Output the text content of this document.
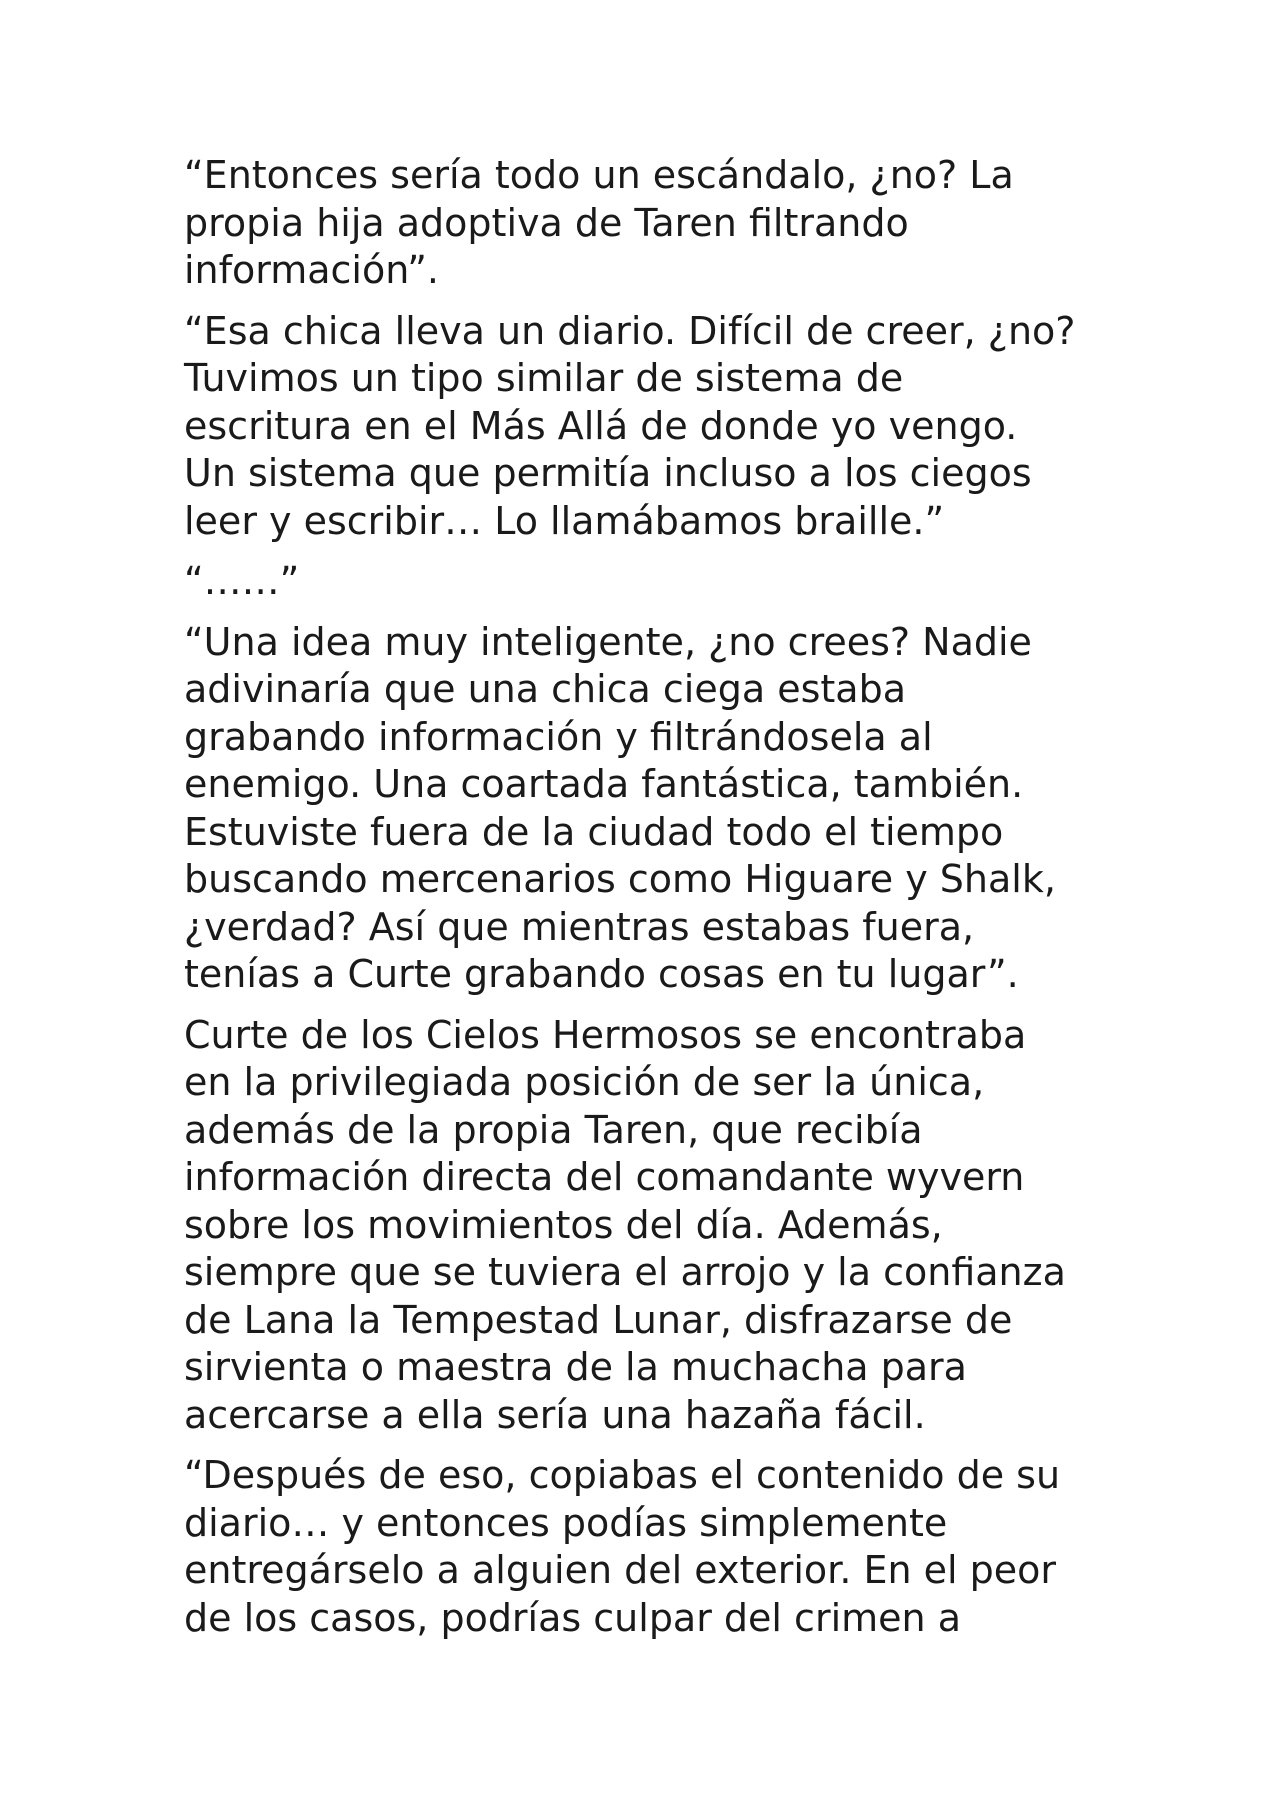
“Entonces sería todo un escándalo, ¿no? La
propia hija adoptiva de Taren filtrando
información”.

“Esa chica lleva un diario. Difícil de creer, ¿no?
Tuvimos un tipo similar de sistema de
escritura en el Más Allá de donde yo vengo.
Un sistema que permitía incluso a los ciegos
leer y escribir… Lo llamábamos braille.”

“……”

“Una idea muy inteligente, ¿no crees? Nadie
adivinaría que una chica ciega estaba
grabando información y filtrándosela al
enemigo. Una coartada fantástica, también.
Estuviste fuera de la ciudad todo el tiempo
buscando mercenarios como Higuare y Shalk,
¿verdad? Así que mientras estabas fuera,
tenías a Curte grabando cosas en tu lugar”.

Curte de los Cielos Hermosos se encontraba
en la privilegiada posición de ser la única,
además de la propia Taren, que recibía
información directa del comandante wyvern
sobre los movimientos del día. Además,
siempre que se tuviera el arrojo y la confianza
de Lana la Tempestad Lunar, disfrazarse de
sirvienta o maestra de la muchacha para
acercarse a ella sería una hazaña fácil.

“Después de eso, copiabas el contenido de su
diario… y entonces podías simplemente
entregárselo a alguien del exterior. En el peor
de los casos, podrías culpar del crimen a
